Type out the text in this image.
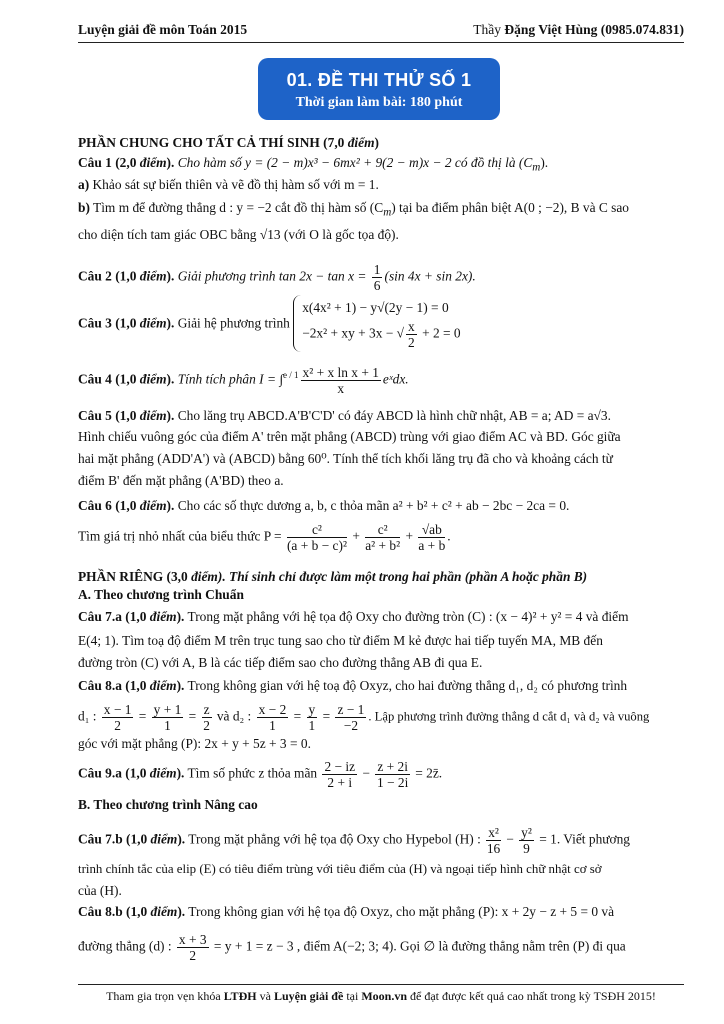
Luyện giải đề môn Toán 2015	Thầy Đặng Việt Hùng (0985.074.831)
01. ĐỀ THI THỬ SỐ 1
Thời gian làm bài: 180 phút
PHẦN CHUNG CHO TẤT CẢ THÍ SINH (7,0 điểm)
Câu 1 (2,0 điểm). Cho hàm số y = (2 − m)x³ − 6mx² + 9(2 − m)x − 2 có đồ thị là $(C_m)$.
a) Khảo sát sự biến thiên và vẽ đồ thị hàm số với m = 1.
b) Tìm m để đường thẳng d : y = −2 cắt đồ thị hàm số $(C_m)$ tại ba điểm phân biệt A(0 ; −2), B và C sao
cho diện tích tam giác OBC bằng √13 (với O là gốc tọa độ).
Câu 2 (1,0 điểm). Giải phương trình $\tan 2x - \tan x = \frac{1}{6} (\sin$ 4x + sin 2x).
Câu 3 (1,0 điểm). Giải hệ phương trình
x(4x² + 1) − y√(2y − 1) = 0
−2x² + xy + 3x − √ $\frac{x}{2} + 2 = 0$
Câu 4 (1,0 điểm). Tính tích phân $I = \int^{e / 1} \frac{\text{x² + x ln x + 1}}{x}$ eˣdx.
Câu 5 (1,0 điểm). Cho lăng trụ ABCD.A'B'C'D' có đáy ABCD là hình chữ nhật, AB = a; AD = a√3.
Hình chiếu vuông góc của điểm A' trên mặt phẳng (ABCD) trùng với giao điểm AC và BD. Góc giữa
hai mặt phẳng (ADD'A') và (ABCD) bằng 60⁰. Tính thể tích khối lăng trụ đã cho và khoảng cách từ
điểm B' đến mặt phẳng (A'BD) theo a.
Câu 6 (1,0 điểm). Cho các số thực dương a, b, c thỏa mãn a² + b² + c² + ab − 2bc − 2ca = 0.
Tìm giá trị nhỏ nhất của biểu thức $P = \frac{\text{c²}}{\text{(a + b − c)²}} + \frac{\text{c²}}{\text{a² + b²}} + \frac{√ab}{a + b}$ .
PHẦN RIÊNG (3,0 điểm). Thí sinh chỉ được làm một trong hai phần (phần A hoặc phần B)
A. Theo chương trình Chuẩn
Câu 7.a (1,0 điểm). Trong mặt phẳng với hệ tọa độ Oxy cho đường tròn (C) : (x − 4)² + y² = 4 và điểm
E(4; 1). Tìm toạ độ điểm M trên trục tung sao cho từ điểm M kẻ được hai tiếp tuyến MA, MB đến
đường tròn (C) với A, B là các tiếp điểm sao cho đường thẳng AB đi qua E.
Câu 8.a (1,0 điểm). Trong không gian với hệ toạ độ Oxyz, cho hai đường thẳng d₁, d₂ có phương trình
d₁ : $\frac{x - 1}{2} = \frac{y + 1}{1} = \frac{z}{2}$ và d₂ : $\frac{x - 2}{1} = \frac{y}{1} = \frac{z - 1}{-2}$ . Lập phương trình đường thẳng d cắt d₁ và d₂ và vuông
góc với mặt phẳng (P): 2x + y + 5z + 3 = 0.
Câu 9.a (1,0 điểm). Tìm số phức z thỏa mãn $\frac{2 - iz}{2 + i} - \frac{z + 2i}{1 - 2i}$ = 2z̄.
B. Theo chương trình Nâng cao
Câu 7.b (1,0 điểm). Trong mặt phẳng với hệ tọa độ Oxy cho Hypebol (H) : $\frac{\text{x²}}{16} - \frac{\text{y²}}{9} = 1$. Viết phương
trình chính tắc của elip (E) có tiêu điểm trùng với tiêu điểm của (H) và ngoại tiếp hình chữ nhật cơ sở
của (H).
Câu 8.b (1,0 điểm). Trong không gian với hệ tọa độ Oxyz, cho mặt phẳng (P): x + 2y − z + 5 = 0 và
đường thẳng (d) : $\frac{x + 3}{2} = y + 1 = z - 3$ , điểm A(−2; 3; 4). Gọi ∅ là đường thẳng nằm trên (P) đi qua
Tham gia trọn vẹn khóa LTĐH và Luyện giải đề tại Moon.vn để đạt được kết quả cao nhất trong kỳ TSĐH 2015!
